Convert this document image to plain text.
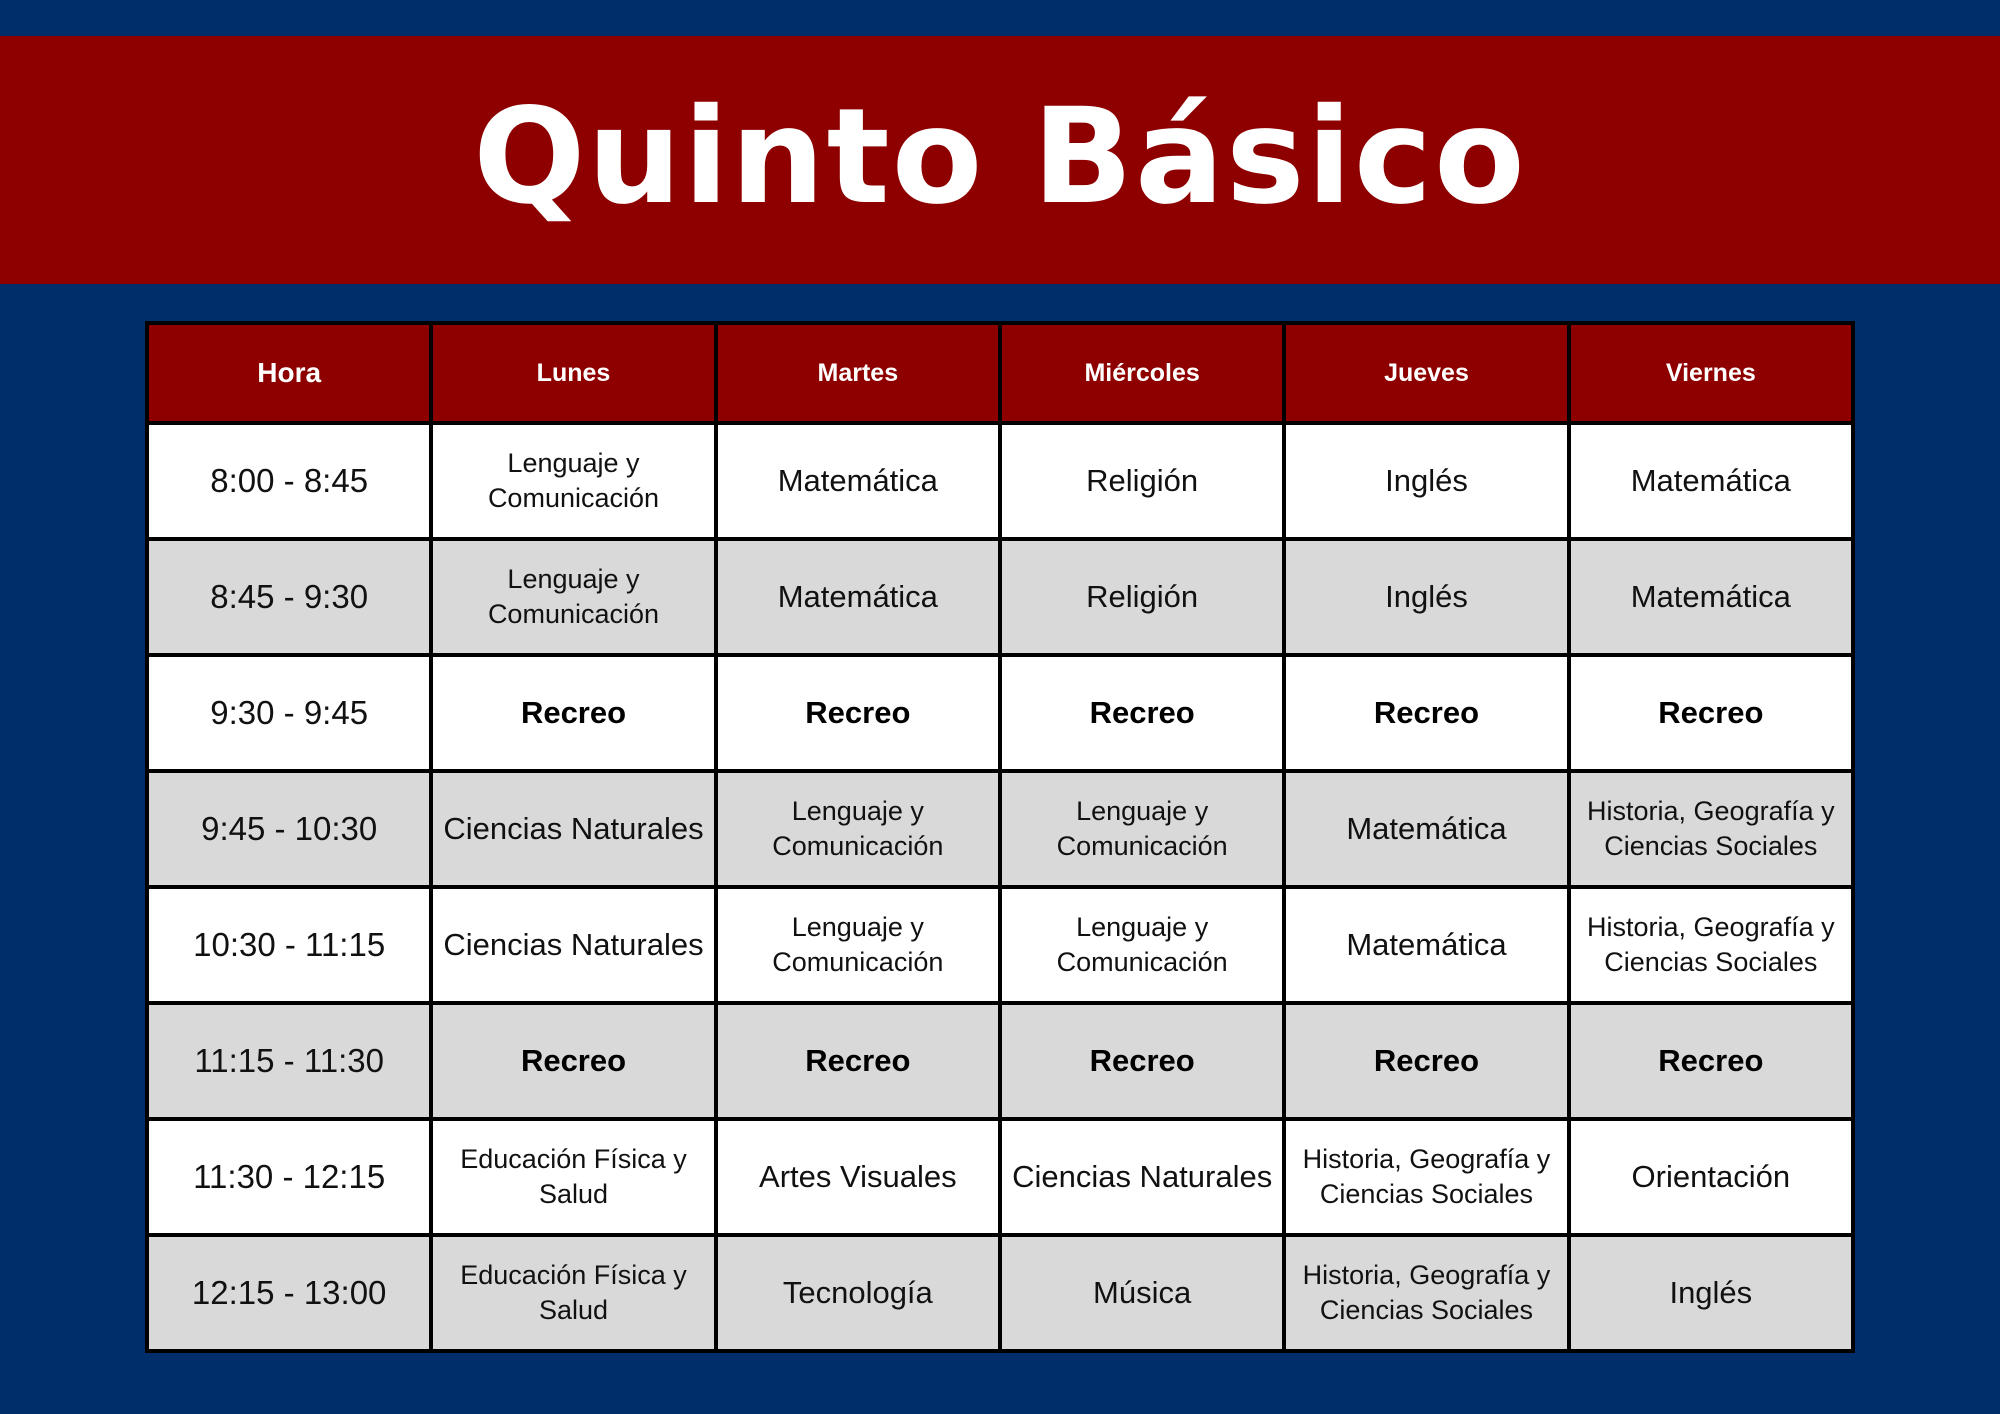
Quinto Básico
Hora	Lunes	Martes	Miércoles	Jueves	Viernes
8:00 - 8:45	Lenguaje y Comunicación	Matemática	Religión	Inglés	Matemática
8:45 - 9:30	Lenguaje y Comunicación	Matemática	Religión	Inglés	Matemática
9:30 - 9:45	Recreo	Recreo	Recreo	Recreo	Recreo
9:45 - 10:30	Ciencias Naturales	Lenguaje y Comunicación	Lenguaje y Comunicación	Matemática	Historia, Geografía y Ciencias Sociales
10:30 - 11:15	Ciencias Naturales	Lenguaje y Comunicación	Lenguaje y Comunicación	Matemática	Historia, Geografía y Ciencias Sociales
11:15 - 11:30	Recreo	Recreo	Recreo	Recreo	Recreo
11:30 - 12:15	Educación Física y Salud	Artes Visuales	Ciencias Naturales	Historia, Geografía y Ciencias Sociales	Orientación
12:15 - 13:00	Educación Física y Salud	Tecnología	Música	Historia, Geografía y Ciencias Sociales	Inglés
